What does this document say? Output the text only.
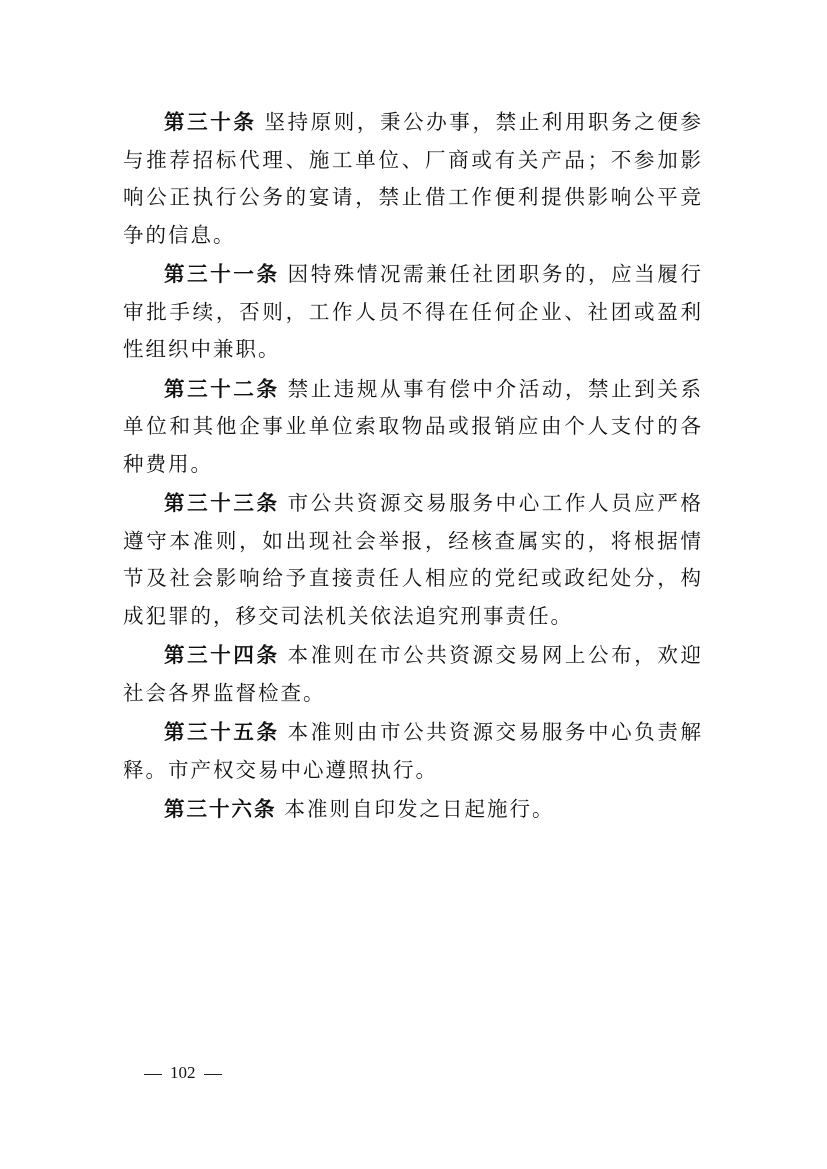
第三十条 坚持原则，秉公办事，禁止利用职务之便参与推荐招标代理、施工单位、厂商或有关产品；不参加影响公正执行公务的宴请，禁止借工作便利提供影响公平竞争的信息。

第三十一条 因特殊情况需兼任社团职务的，应当履行审批手续，否则，工作人员不得在任何企业、社团或盈利性组织中兼职。

第三十二条 禁止违规从事有偿中介活动，禁止到关系单位和其他企事业单位索取物品或报销应由个人支付的各种费用。

第三十三条 市公共资源交易服务中心工作人员应严格遵守本准则，如出现社会举报，经核查属实的，将根据情节及社会影响给予直接责任人相应的党纪或政纪处分，构成犯罪的，移交司法机关依法追究刑事责任。

第三十四条 本准则在市公共资源交易网上公布，欢迎社会各界监督检查。

第三十五条 本准则由市公共资源交易服务中心负责解释。市产权交易中心遵照执行。

第三十六条 本准则自印发之日起施行。

102
